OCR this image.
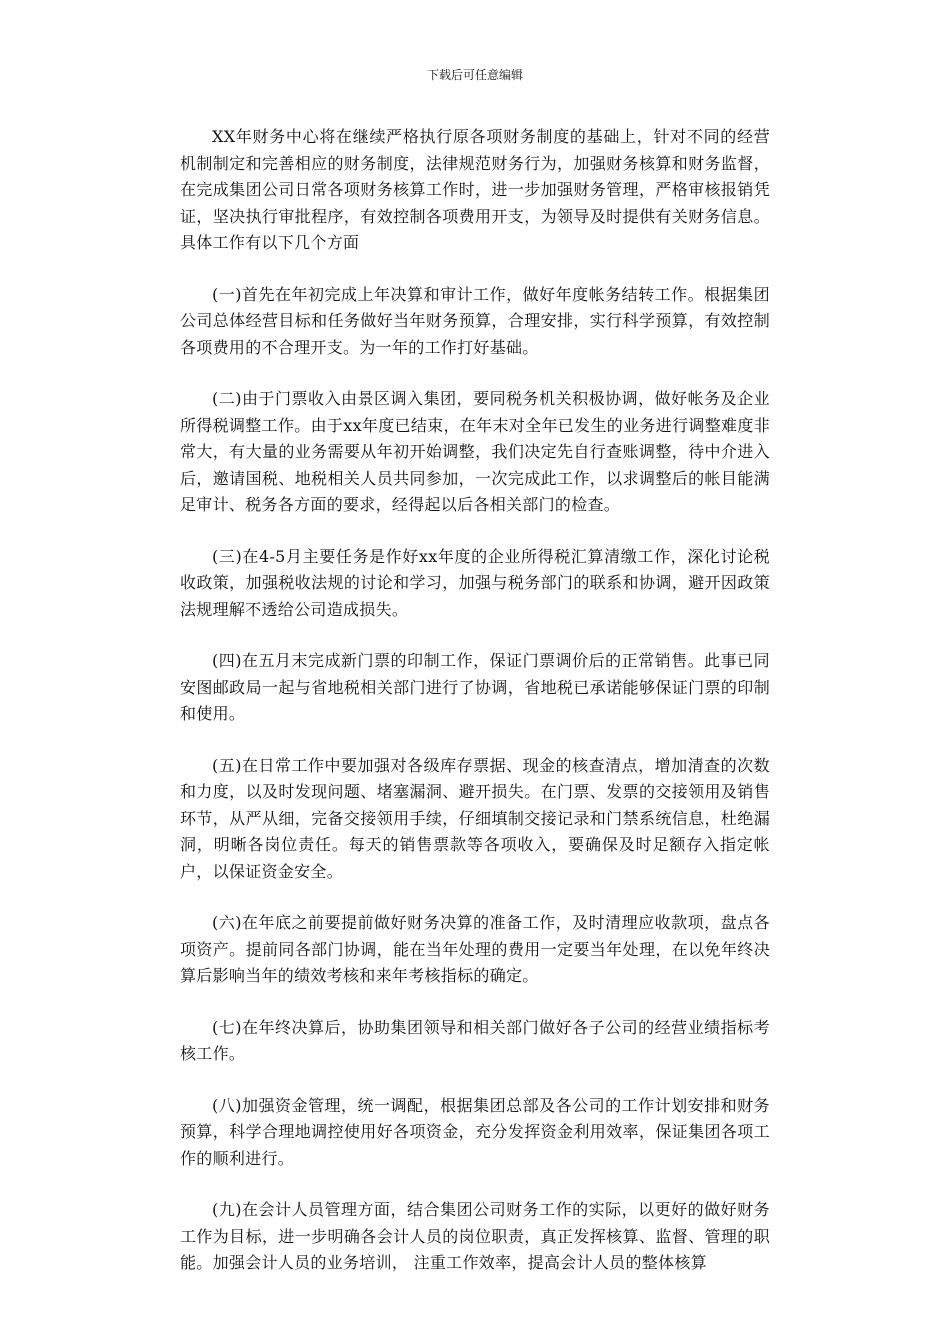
下载后可任意编辑

XX年财务中心将在继续严格执行原各项财务制度的基础上，针对不同的经营机制制定和完善相应的财务制度，法律规范财务行为，加强财务核算和财务监督，在完成集团公司日常各项财务核算工作时，进一步加强财务管理，严格审核报销凭证，坚决执行审批程序，有效控制各项费用开支，为领导及时提供有关财务信息。具体工作有以下几个方面

(一)首先在年初完成上年决算和审计工作，做好年度帐务结转工作。根据集团公司总体经营目标和任务做好当年财务预算，合理安排，实行科学预算，有效控制各项费用的不合理开支。为一年的工作打好基础。

(二)由于门票收入由景区调入集团，要同税务机关积极协调，做好帐务及企业所得税调整工作。由于xx年度已结束，在年末对全年已发生的业务进行调整难度非常大，有大量的业务需要从年初开始调整，我们决定先自行查账调整，待中介进入后，邀请国税、地税相关人员共同参加，一次完成此工作，以求调整后的帐目能满足审计、税务各方面的要求，经得起以后各相关部门的检查。

(三)在4-5月主要任务是作好xx年度的企业所得税汇算清缴工作，深化讨论税收政策，加强税收法规的讨论和学习，加强与税务部门的联系和协调，避开因政策法规理解不透给公司造成损失。

(四)在五月末完成新门票的印制工作，保证门票调价后的正常销售。此事已同安图邮政局一起与省地税相关部门进行了协调，省地税已承诺能够保证门票的印制和使用。

(五)在日常工作中要加强对各级库存票据、现金的核查清点，增加清查的次数和力度，以及时发现问题、堵塞漏洞、避开损失。在门票、发票的交接领用及销售环节，从严从细，完备交接领用手续，仔细填制交接记录和门禁系统信息，杜绝漏洞，明晰各岗位责任。每天的销售票款等各项收入，要确保及时足额存入指定帐户，以保证资金安全。

(六)在年底之前要提前做好财务决算的准备工作，及时清理应收款项，盘点各项资产。提前同各部门协调，能在当年处理的费用一定要当年处理，在以免年终决算后影响当年的绩效考核和来年考核指标的确定。

(七)在年终决算后，协助集团领导和相关部门做好各子公司的经营业绩指标考核工作。

(八)加强资金管理，统一调配，根据集团总部及各公司的工作计划安排和财务预算，科学合理地调控使用好各项资金，充分发挥资金利用效率，保证集团各项工作的顺利进行。

(九)在会计人员管理方面，结合集团公司财务工作的实际，以更好的做好财务工作为目标，进一步明确各会计人员的岗位职责，真正发挥核算、监督、管理的职能。加强会计人员的业务培训， 注重工作效率，提高会计人员的整体核算
